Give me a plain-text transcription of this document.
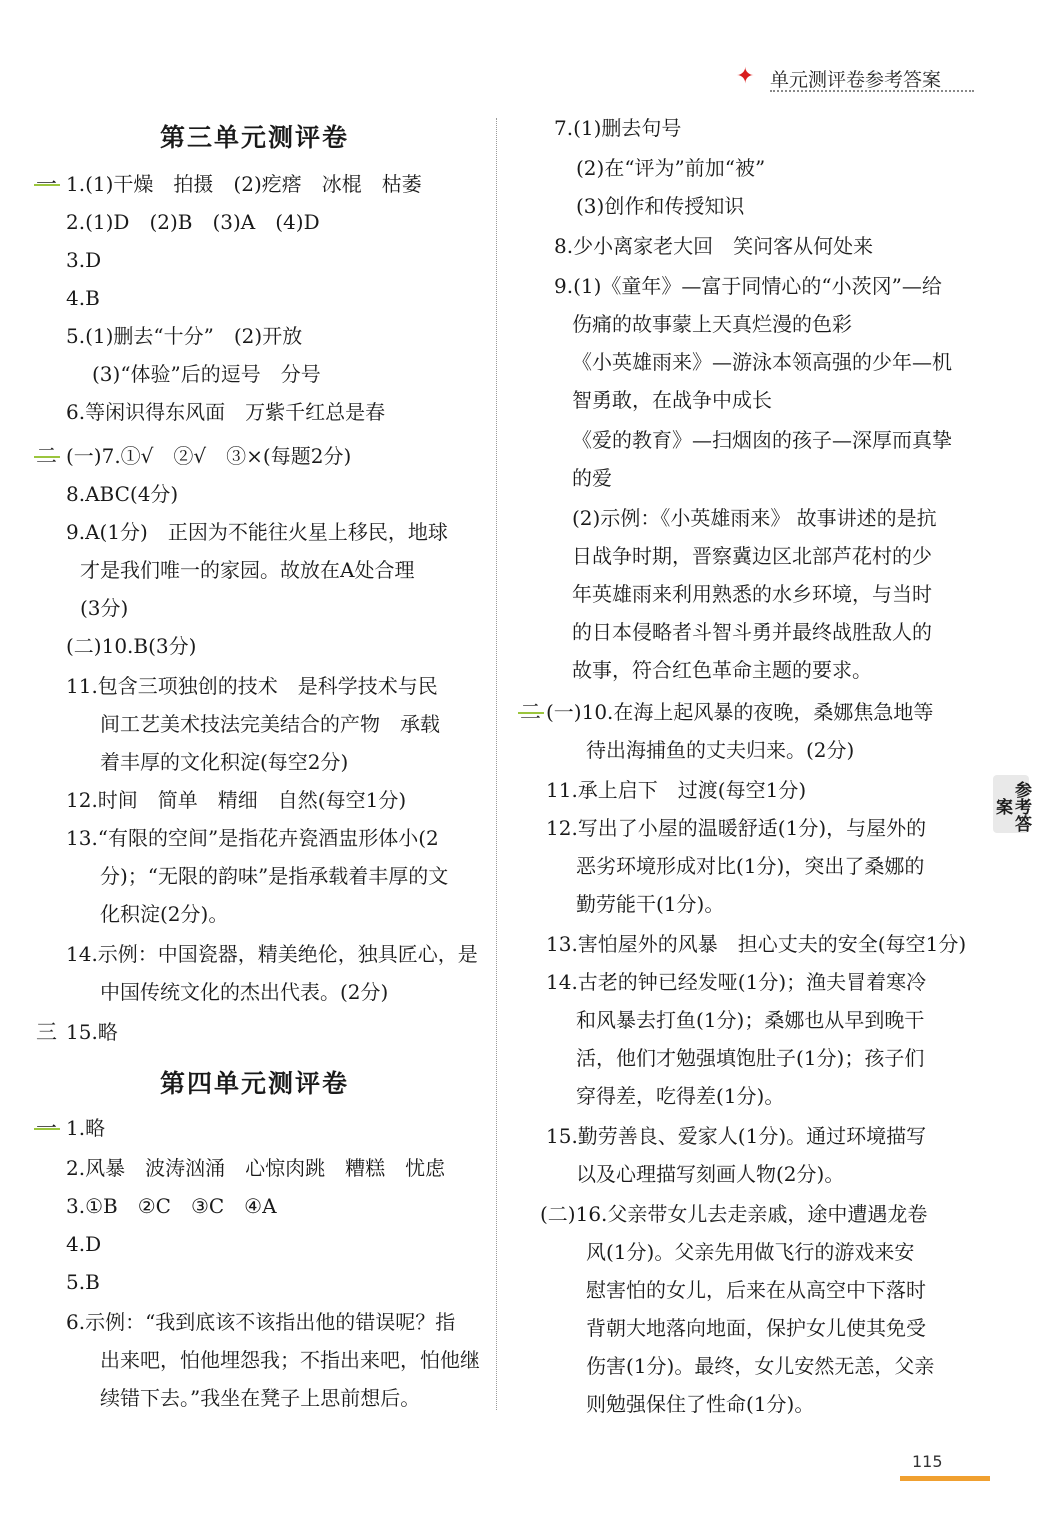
✦ 单元测评卷参考答案
第三单元测评卷
一 1.(1)干燥　拍摄　(2)疙瘩　冰棍　枯萎
2.(1)D　(2)B　(3)A　(4)D
3.D
4.B
5.(1)删去“十分”　(2)开放
(3)“体验”后的逗号　分号
6.等闲识得东风面　万紫千红总是春
二 (一)7.①√　②√　③×(每题2分)
8.ABC(4分)
9.A(1分)　正因为不能往火星上移民，地球
才是我们唯一的家园。故放在A处合理
(3分)
(二)10.B(3分)
11.包含三项独创的技术　是科学技术与民
间工艺美术技法完美结合的产物　承载
着丰厚的文化积淀(每空2分)
12.时间　简单　精细　自然(每空1分)
13.“有限的空间”是指花卉瓷酒盅形体小(2
分)；“无限的韵味”是指承载着丰厚的文
化积淀(2分)。
14.示例：中国瓷器，精美绝伦，独具匠心，是
中国传统文化的杰出代表。(2分)
三 15.略
第四单元测评卷
一 1.略
2.风暴　波涛汹涌　心惊肉跳　糟糕　忧虑
3.①B　②C　③C　④A
4.D
5.B
6.示例：“我到底该不该指出他的错误呢？指
出来吧，怕他埋怨我；不指出来吧，怕他继
续错下去。”我坐在凳子上思前想后。
7.(1)删去句号
(2)在“评为”前加“被”
(3)创作和传授知识
8.少小离家老大回　笑问客从何处来
9.(1)《童年》—富于同情心的“小茨冈”—给
伤痛的故事蒙上天真烂漫的色彩
《小英雄雨来》—游泳本领高强的少年—机
智勇敢，在战争中成长
《爱的教育》—扫烟囱的孩子—深厚而真挚
的爱
(2)示例：《小英雄雨来》 故事讲述的是抗
日战争时期，晋察冀边区北部芦花村的少
年英雄雨来利用熟悉的水乡环境，与当时
的日本侵略者斗智斗勇并最终战胜敌人的
故事，符合红色革命主题的要求。
二 (一)10.在海上起风暴的夜晚，桑娜焦急地等
待出海捕鱼的丈夫归来。(2分)
11.承上启下　过渡(每空1分)
12.写出了小屋的温暖舒适(1分)，与屋外的
恶劣环境形成对比(1分)，突出了桑娜的
勤劳能干(1分)。
13.害怕屋外的风暴　担心丈夫的安全(每空1分)
14.古老的钟已经发哑(1分)；渔夫冒着寒冷
和风暴去打鱼(1分)；桑娜也从早到晚干
活，他们才勉强填饱肚子(1分)；孩子们
穿得差，吃得差(1分)。
15.勤劳善良、爱家人(1分)。通过环境描写
以及心理描写刻画人物(2分)。
(二)16.父亲带女儿去走亲戚，途中遭遇龙卷
风(1分)。父亲先用做飞行的游戏来安
慰害怕的女儿，后来在从高空中下落时
背朝大地落向地面，保护女儿使其免受
伤害(1分)。最终，女儿安然无恙，父亲
则勉强保住了性命(1分)。
参考答案
115
